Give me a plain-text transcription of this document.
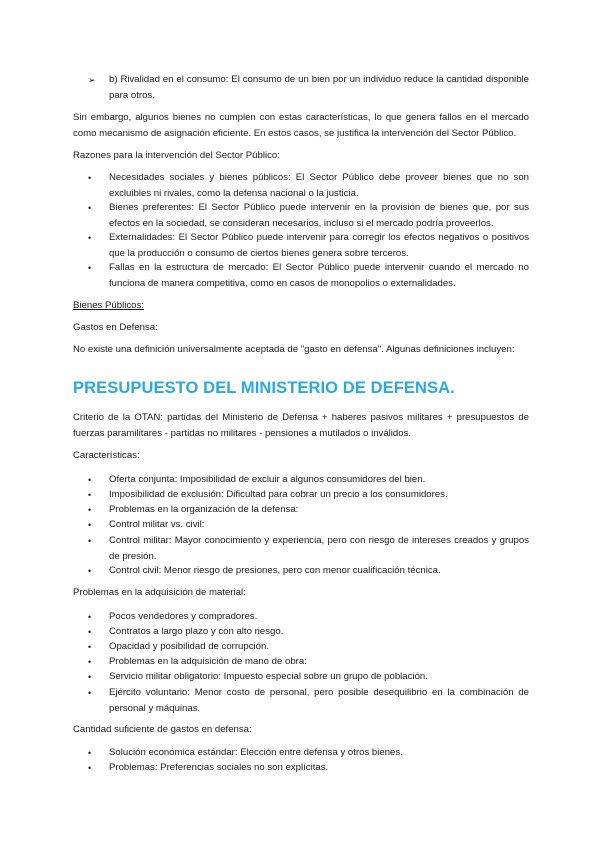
➢ b) Rivalidad en el consumo: El consumo de un bien por un individuo reduce la cantidad disponible para otros.

Sin embargo, algunos bienes no cumplen con estas características, lo que genera fallos en el mercado como mecanismo de asignación eficiente. En estos casos, se justifica la intervención del Sector Público.

Razones para la intervención del Sector Público:

• Necesidades sociales y bienes públicos: El Sector Público debe proveer bienes que no son excluibles ni rivales, como la defensa nacional o la justicia.

• Bienes preferentes: El Sector Público puede intervenir en la provisión de bienes que, por sus efectos en la sociedad, se consideran necesarios, incluso si el mercado podría proveerlos.

• Externalidades: El Sector Público puede intervenir para corregir los efectos negativos o positivos que la producción o consumo de ciertos bienes genera sobre terceros.

• Fallas en la estructura de mercado: El Sector Público puede intervenir cuando el mercado no funciona de manera competitiva, como en casos de monopolios o externalidades.

Bienes Públicos:

Gastos en Defensa:

No existe una definición universalmente aceptada de "gasto en defensa". Algunas definiciones incluyen:

PRESUPUESTO DEL MINISTERIO DE DEFENSA.

Criterio de la OTAN: partidas del Ministerio de Defensa + haberes pasivos militares + presupuestos de fuerzas paramilitares - partidas no militares - pensiones a mutilados o inválidos.

Características:

• Oferta conjunta: Imposibilidad de excluir a algunos consumidores del bien.

• Imposibilidad de exclusión: Dificultad para cobrar un precio a los consumidores.

• Problemas en la organización de la defensa:

• Control militar vs. civil:

• Control militar: Mayor conocimiento y experiencia, pero con riesgo de intereses creados y grupos de presión.

• Control civil: Menor riesgo de presiones, pero con menor cualificación técnica.

Problemas en la adquisición de material:

• Pocos vendedores y compradores.

• Contratos a largo plazo y con alto riesgo.

• Opacidad y posibilidad de corrupción.

• Problemas en la adquisición de mano de obra:

• Servicio militar obligatorio: Impuesto especial sobre un grupo de población.

• Ejército voluntario: Menor costo de personal, pero posible desequilibrio en la combinación de personal y máquinas.

Cantidad suficiente de gastos en defensa:

• Solución económica estándar: Elección entre defensa y otros bienes.

• Problemas: Preferencias sociales no son explícitas.
